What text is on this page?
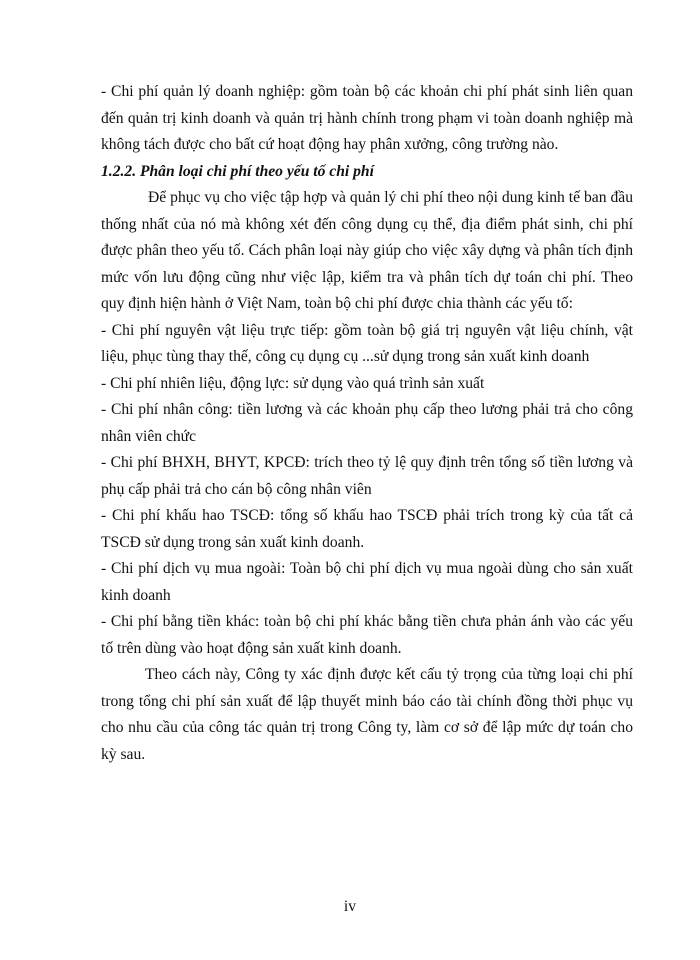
- Chi phí quản lý doanh nghiệp: gồm toàn bộ các khoản chi phí phát sinh liên quan đến quản trị kinh doanh và quản trị hành chính trong phạm vi toàn doanh nghiệp mà không tách được cho bất cứ hoạt động hay phân xưởng, công trường nào.

1.2.2. Phân loại chi phí theo yếu tố chi phí

Để phục vụ cho việc tập hợp và quản lý chi phí theo nội dung kinh tế ban đầu thống nhất của nó mà không xét đến công dụng cụ thể, địa điểm phát sinh, chi phí được phân theo yếu tố. Cách phân loại này giúp cho việc xây dựng và phân tích định mức vốn lưu động cũng như việc lập, kiểm tra và phân tích dự toán chi phí. Theo quy định hiện hành ở Việt Nam, toàn bộ chi phí được chia thành các yếu tố:

- Chi phí nguyên vật liệu trực tiếp: gồm toàn bộ giá trị nguyên vật liệu chính, vật liệu, phục tùng thay thế, công cụ dụng cụ ...sử dụng trong sản xuất kinh doanh

- Chi phí nhiên liệu, động lực: sử dụng vào quá trình sản xuất

- Chi phí nhân công: tiền lương và các khoản phụ cấp theo lương phải trả cho công nhân viên chức

- Chi phí BHXH, BHYT, KPCĐ: trích theo tỷ lệ quy định trên tổng số tiền lương và phụ cấp phải trả cho cán bộ công nhân viên

- Chi phí khấu hao TSCĐ: tổng số khấu hao TSCĐ phải trích trong kỳ của tất cả TSCĐ sử dụng trong sản xuất kinh doanh.

- Chi phí dịch vụ mua ngoài: Toàn bộ chi phí dịch vụ mua ngoài dùng cho sản xuất kinh doanh

- Chi phí bằng tiền khác: toàn bộ chi phí khác bằng tiền chưa phản ánh vào các yếu tố trên dùng vào hoạt động sản xuất kinh doanh.

Theo cách này, Công ty xác định được kết cấu tỷ trọng của từng loại chi phí trong tổng chi phí sản xuất để lập thuyết minh báo cáo tài chính đồng thời phục vụ cho nhu cầu của công tác quản trị trong Công ty, làm cơ sở để lập mức dự toán cho kỳ sau.

iv
